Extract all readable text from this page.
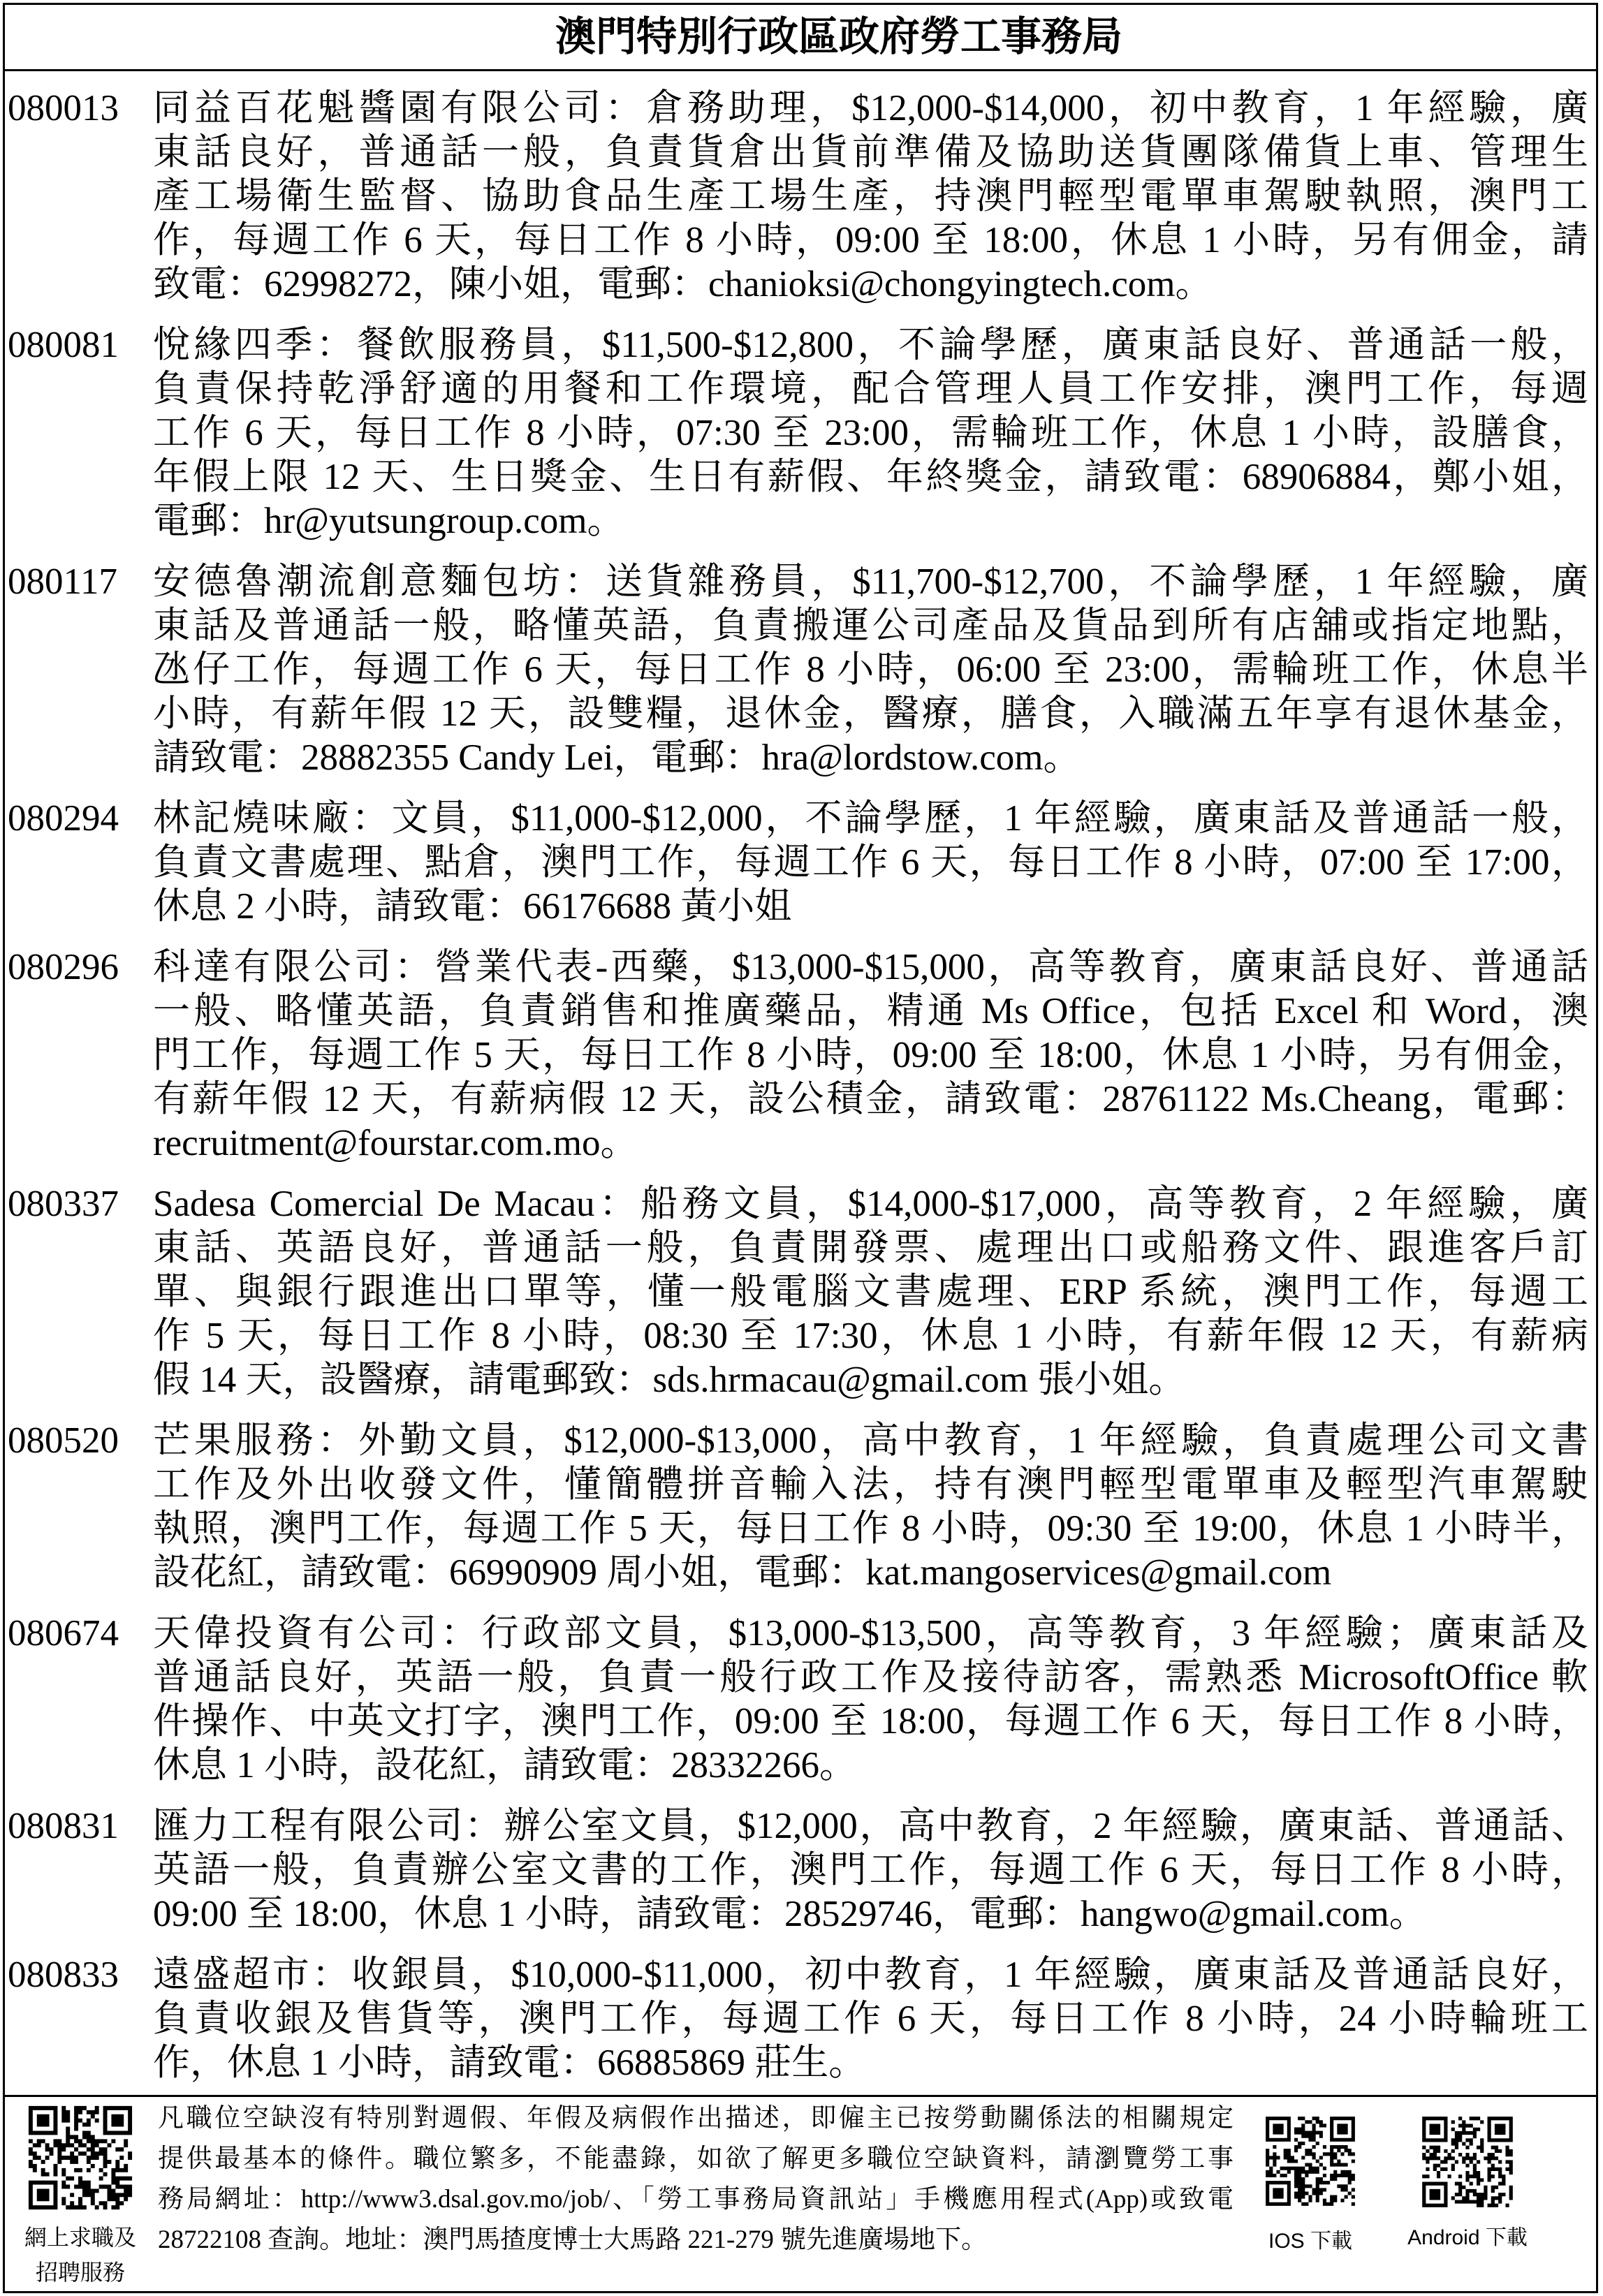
澳門特別行政區政府勞工事務局
080013 同益百花魁醬園有限公司：倉務助理，$12,000-$14,000，初中教育，1 年經驗，廣
東話良好，普通話一般，負責貨倉出貨前準備及協助送貨團隊備貨上車、管理生
產工場衛生監督、協助食品生產工場生產，持澳門輕型電單車駕駛執照，澳門工
作，每週工作 6 天，每日工作 8 小時，09:00 至 18:00，休息 1 小時，另有佣金，請
致電：62998272，陳小姐，電郵：chanioksi@chongyingtech.com。
080081 悅緣四季：餐飲服務員，$11,500-$12,800，不論學歷，廣東話良好、普通話一般，
負責保持乾淨舒適的用餐和工作環境，配合管理人員工作安排，澳門工作，每週
工作 6 天，每日工作 8 小時，07:30 至 23:00，需輪班工作，休息 1 小時，設膳食，
年假上限 12 天、生日獎金、生日有薪假、年終獎金，請致電：68906884，鄭小姐，
電郵：hr@yutsungroup.com。
080117 安德魯潮流創意麵包坊：送貨雜務員，$11,700-$12,700，不論學歷，1 年經驗，廣
東話及普通話一般，略懂英語，負責搬運公司產品及貨品到所有店舖或指定地點，
氹仔工作，每週工作 6 天，每日工作 8 小時，06:00 至 23:00，需輪班工作，休息半
小時，有薪年假 12 天，設雙糧，退休金，醫療，膳食，入職滿五年享有退休基金，
請致電：28882355 Candy Lei，電郵：hra@lordstow.com。
080294 林記燒味廠：文員，$11,000-$12,000，不論學歷，1 年經驗，廣東話及普通話一般，
負責文書處理、點倉，澳門工作，每週工作 6 天，每日工作 8 小時，07:00 至 17:00，
休息 2 小時，請致電：66176688 黃小姐
080296 科達有限公司：營業代表-西藥，$13,000-$15,000，高等教育，廣東話良好、普通話
一般、略懂英語，負責銷售和推廣藥品，精通 Ms Office，包括 Excel 和 Word，澳
門工作，每週工作 5 天，每日工作 8 小時，09:00 至 18:00，休息 1 小時，另有佣金，
有薪年假 12 天，有薪病假 12 天，設公積金，請致電：28761122 Ms.Cheang，電郵：
recruitment@fourstar.com.mo。
080337 Sadesa Comercial De Macau：船務文員，$14,000-$17,000，高等教育，2 年經驗，廣
東話、英語良好，普通話一般，負責開發票、處理出口或船務文件、跟進客戶訂
單、與銀行跟進出口單等，懂一般電腦文書處理、ERP 系統，澳門工作，每週工
作 5 天，每日工作 8 小時，08:30 至 17:30，休息 1 小時，有薪年假 12 天，有薪病
假 14 天，設醫療，請電郵致：sds.hrmacau@gmail.com 張小姐。
080520 芒果服務：外勤文員，$12,000-$13,000，高中教育，1 年經驗，負責處理公司文書
工作及外出收發文件，懂簡體拼音輸入法，持有澳門輕型電單車及輕型汽車駕駛
執照，澳門工作，每週工作 5 天，每日工作 8 小時，09:30 至 19:00，休息 1 小時半，
設花紅，請致電：66990909 周小姐，電郵：kat.mangoservices@gmail.com
080674 天偉投資有公司：行政部文員，$13,000-$13,500，高等教育，3 年經驗；廣東話及
普通話良好，英語一般，負責一般行政工作及接待訪客，需熟悉 MicrosoftOffice 軟
件操作、中英文打字，澳門工作，09:00 至 18:00，每週工作 6 天，每日工作 8 小時，
休息 1 小時，設花紅，請致電：28332266。
080831 匯力工程有限公司：辦公室文員，$12,000，高中教育，2 年經驗，廣東話、普通話、
英語一般，負責辦公室文書的工作，澳門工作，每週工作 6 天，每日工作 8 小時，
09:00 至 18:00，休息 1 小時，請致電：28529746，電郵：hangwo@gmail.com。
080833 遠盛超市：收銀員，$10,000-$11,000，初中教育，1 年經驗，廣東話及普通話良好，
負責收銀及售貨等，澳門工作，每週工作 6 天，每日工作 8 小時，24 小時輪班工
作，休息 1 小時，請致電：66885869 莊生。
網上求職及
招聘服務
凡職位空缺沒有特別對週假、年假及病假作出描述，即僱主已按勞動關係法的相關規定
提供最基本的條件。職位繁多，不能盡錄，如欲了解更多職位空缺資料，請瀏覽勞工事
務局網址：http://www3.dsal.gov.mo/job/、「勞工事務局資訊站」手機應用程式(App)或致電
28722108 查詢。地址：澳門馬揸度博士大馬路 221-279 號先進廣場地下。	IOS 下載	Android 下載
